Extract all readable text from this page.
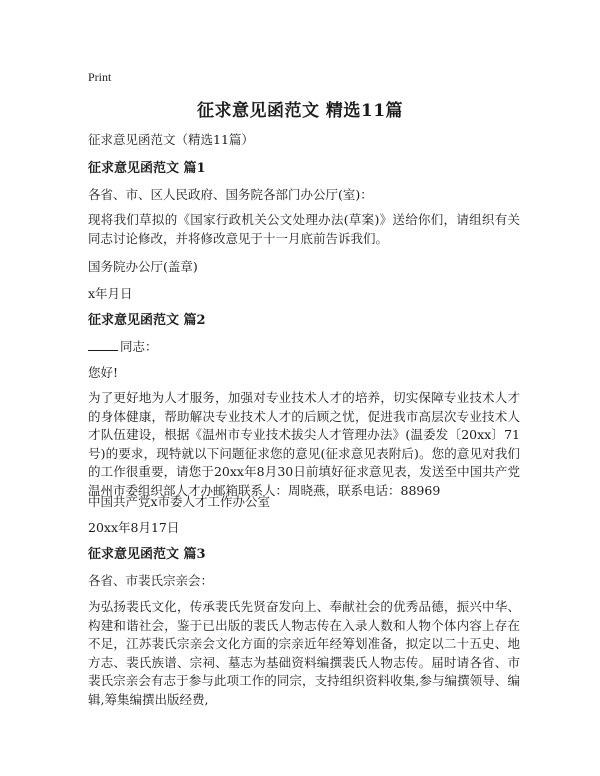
Print
征求意见函范文 精选11篇
征求意见函范文（精选11篇）
征求意见函范文 篇1
各省、市、区人民政府、国务院各部门办公厅(室)：
现将我们草拟的《国家行政机关公文处理办法(草案)》送给你们，请组织有关同志讨论修改，并将修改意见于十一月底前告诉我们。
国务院办公厅(盖章)
x年月日
征求意见函范文 篇2
同志：
您好!
为了更好地为人才服务，加强对专业技术人才的培养，切实保障专业技术人才的身体健康，帮助解决专业技术人才的后顾之忧，促进我市高层次专业技术人才队伍建设，根据《温州市专业技术拔尖人才管理办法》(温委发〔20xx〕71号)的要求，现特就以下问题征求您的意见(征求意见表附后)。您的意见对我们的工作很重要，请您于20xx年8月30日前填好征求意见表，发送至中国共产党温州市委组织部人才办邮箱联系人：周晓燕，联系电话：88969
中国共产党x市委人才工作办公室
20xx年8月17日
征求意见函范文 篇3
各省、市裴氏宗亲会：
为弘扬裴氏文化，传承裴氏先贤奋发向上、奉献社会的优秀品德，振兴中华、构建和谐社会，鉴于已出版的裴氏人物志传在入录人数和人物个体内容上存在不足，江苏裴氏宗亲会文化方面的宗亲近年经筹划准备，拟定以二十五史、地方志、裴氏族谱、宗祠、墓志为基础资料编撰裴氏人物志传。届时请各省、市裴氏宗亲会有志于参与此项工作的同宗，支持组织资料收集,参与编撰领导、编辑,筹集编撰出版经费,
